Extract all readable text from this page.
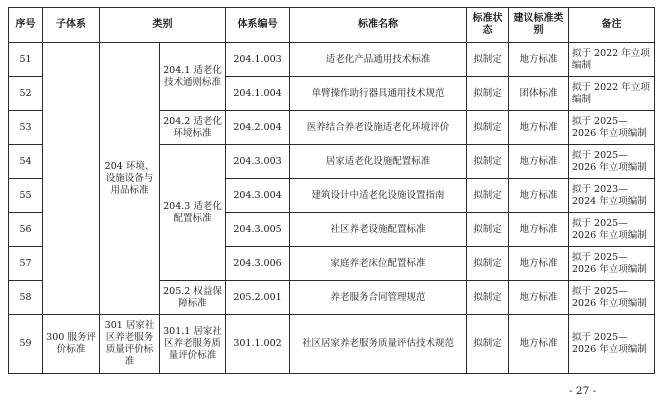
序号	子体系	类别		体系编号	标准名称	标准状态	建议标准类别	备注
51		204 环境、设施设备与用品标准	204.1 适老化技术通则标准	204.1.003	适老化产品通用技术标准	拟制定	地方标准	拟于 2022 年立项编制
52				204.1.004	单臂操作助行器具通用技术规范	拟制定	团体标准	拟于 2022 年立项编制
53			204.2 适老化环境标准	204.2.004	医养结合养老设施适老化环境评价	拟制定	地方标准	拟于 2025—2026 年立项编制
54			204.3 适老化配置标准	204.3.003	居家适老化设施配置标准	拟制定	地方标准	拟于 2025—2026 年立项编制
55				204.3.004	建筑设计中适老化设施设置指南	拟制定	地方标准	拟于 2023—2024 年立项编制
56				204.3.005	社区养老设施配置标准	拟制定	地方标准	拟于 2025—2026 年立项编制
57				204.3.006	家庭养老床位配置标准	拟制定	地方标准	拟于 2025—2026 年立项编制
58			205.2 权益保障标准	205.2.001	养老服务合同管理规范	拟制定	地方标准	拟于 2025—2026 年立项编制
59	300 服务评价标准	301 居家社区养老服务质量评价标准	301.1 居家社区养老服务质量评价标准	301.1.002	社区居家养老服务质量评估技术规范	拟制定	地方标准	拟于 2025—2026 年立项编制
- 27 -
